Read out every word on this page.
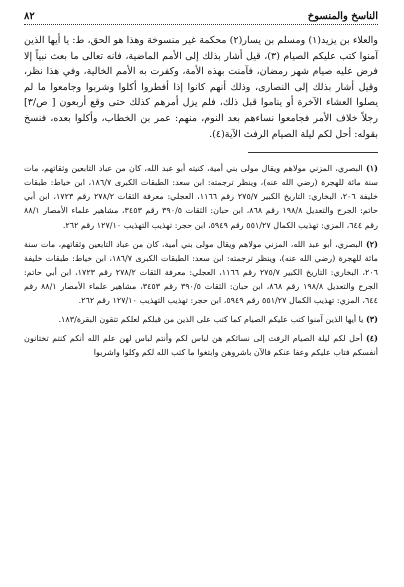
الناسخ والمنسوخ
٨٢

والعلاء بن يزيد(١) ومسلم بن يسار(٢) محكمة غير منسوخة وهذا هو الحق، ط: يا أيها الذين آمنوا كتب عليكم الصيام (٣)، قيل أشار بذلك إلى الأمم الماضية، فانه تعالى ما بعث نبياً إلا فرض عليه صيام شهر رمضان، فآمنت بهذه الأمة، وكفرت به الأمم الخالية، وفي هذا نظر، وقيل أشار بذلك إلى النصارى، وذلك أنهم كانوا إذا أفطروا أكلوا وشربوا وجامعوا ما لم يصلوا العشاء الآخرة أو يناموا قبل ذلك، فلم يزل أمرهم كذلك حتى وقع أربعون [ ص/٣] رجلاً خلاف الأمر فجامعوا نساءهم بعد النوم، منهم: عمر بن الخطاب، وأكلوا بعده، فنسخ بقوله: أحل لكم ليلة الصيام الرفث الآية(٤).

(١) البصري، المزني مولاهم ويقال مولى بني أمية، كنيته أبو عبد الله، كان من عباد التابعين وثقاتهم، مات سنة مائة للهجرة (رضي الله عنه)، وينظر ترجمته: ابن سعد: الطبقات الكبرى ١٨٦/٧، ابن خياط: طبقات خليفة ٢٠٦، البخاري: التاريخ الكبير ٢٧٥/٧ رقم ١١٦٦، العجلي: معرفة الثقات ٢٧٨/٢ رقم ١٧٢٣، ابن أبي حاتم: الجرح والتعديل ١٩٨/٨ رقم ٨٦٨، ابن حبان: الثقات ٣٩٠/٥ رقم ٣٤٥٣، مشاهير علماء الأمصار ٨٨/١ رقم ٦٤٤، المزي: تهذيب الكمال ٥٥١/٢٧ رقم ٥٩٤٩، ابن حجر: تهذيب التهذيب ١٢٧/١٠ رقم ٢٦٢.
(٢) البصري، أبو عبد الله، المزني مولاهم ويقال مولى بني أمية، كان من عباد التابعين وثقاتهم، مات سنة مائة للهجرة (رضي الله عنه)، وينظر ترجمته: ابن سعد: الطبقات الكبرى ١٨٦/٧، ابن خياط: طبقات خليفة ٢٠٦، البخاري: التاريخ الكبير ٢٧٥/٧ رقم ١١٦٦، العجلي: معرفة الثقات ٢٧٨/٢ رقم ١٧٢٣، ابن أبي حاتم: الجرح والتعديل ١٩٨/٨ رقم ٨٦٨، ابن حبان: الثقات ٣٩٠/٥ رقم ٣٤٥٣، مشاهير علماء الأمصار ٨٨/١ رقم ٦٤٤، المزي: تهذيب الكمال ٥٥١/٢٧ رقم ٥٩٤٩، ابن حجر: تهذيب التهذيب ١٢٧/١٠ رقم ٢٦٢.
(٣) يا أيها الذين آمنوا كتب عليكم الصيام كما كتب على الذين من قبلكم لعلكم تتقون البقرة/١٨٣.
(٤) أحل لكم ليلة الصيام الرفث إلى نسائكم هن لباس لكم وأنتم لباس لهن علم الله أنكم كنتم تختانون أنفسكم فتاب عليكم وعفا عنكم فالآن باشروهن وابتغوا ما كتب الله لكم وكلوا واشربوا
